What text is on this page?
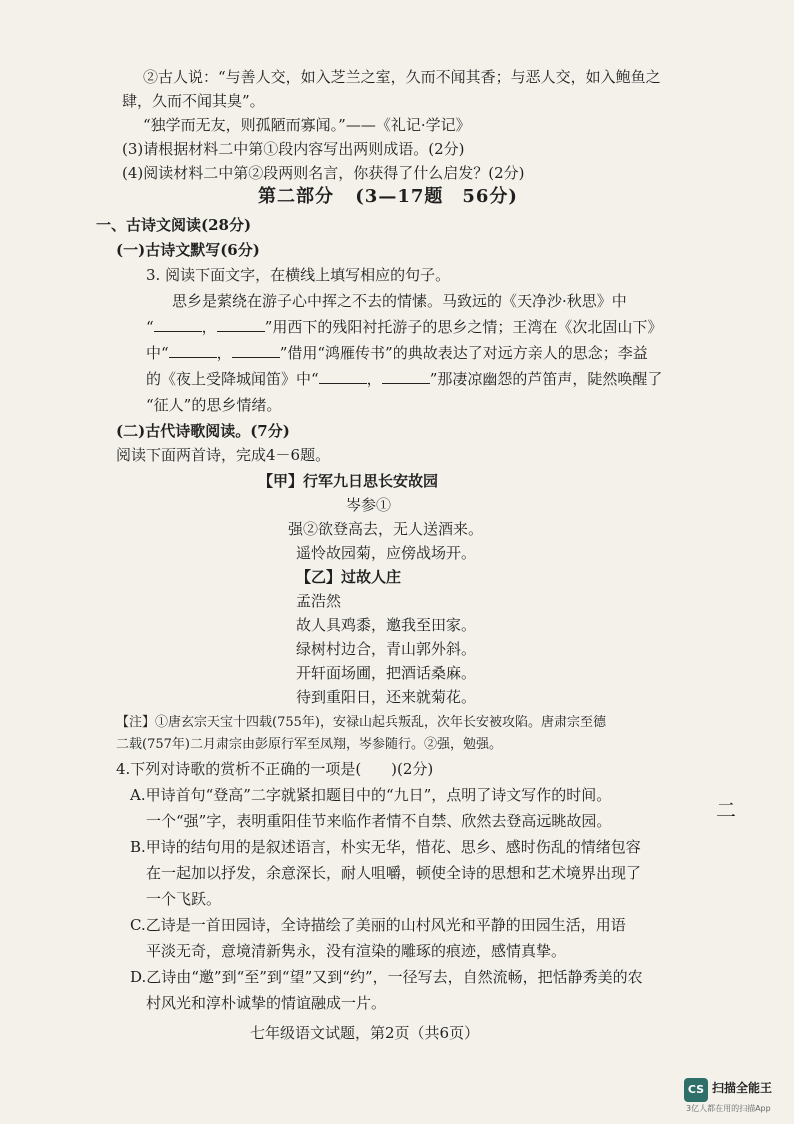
②古人说：“与善人交，如入芝兰之室，久而不闻其香；与恶人交，如入鲍鱼之
肆，久而不闻其臭”。
“独学而无友，则孤陋而寡闻。”——《礼记·学记》
(3)请根据材料二中第①段内容写出两则成语。(2分)
(4)阅读材料二中第②段两则名言，你获得了什么启发？(2分)
第二部分 (3—17题　56分)
一、古诗文阅读(28分)
(一)古诗文默写(6分)
3. 阅读下面文字，在横线上填写相应的句子。
思乡是萦绕在游子心中挥之不去的情愫。马致远的《天净沙·秋思》中
“	，	”用西下的残阳衬托游子的思乡之情；王湾在《次北固山下》
中“	，	”借用“鸿雁传书”的典故表达了对远方亲人的思念；李益
的《夜上受降城闻笛》中“	，	”那凄凉幽怨的芦笛声，陡然唤醒了
“征人”的思乡情绪。
(二)古代诗歌阅读。(7分)
阅读下面两首诗，完成4－6题。
【甲】行军九日思长安故园
岑参①
强②欲登高去，无人送酒来。
遥怜故园菊，应傍战场开。
【乙】过故人庄
孟浩然
故人具鸡黍，邀我至田家。
绿树村边合，青山郭外斜。
开轩面场圃，把酒话桑麻。
待到重阳日，还来就菊花。
【注】①唐玄宗天宝十四载(755年)，安禄山起兵叛乱，次年长安被攻陷。唐肃宗至德
二载(757年)二月肃宗由彭原行军至凤翔，岑参随行。②强，勉强。
4.下列对诗歌的赏析不正确的一项是(　　)(2分)
A.甲诗首句“登高”二字就紧扣题目中的“九日”，点明了诗文写作的时间。
一个“强”字，表明重阳佳节来临作者情不自禁、欣然去登高远眺故园。
B.甲诗的结句用的是叙述语言，朴实无华，惜花、思乡、感时伤乱的情绪包容
在一起加以抒发，余意深长，耐人咀嚼，顿使全诗的思想和艺术境界出现了
一个飞跃。
C.乙诗是一首田园诗，全诗描绘了美丽的山村风光和平静的田园生活，用语
平淡无奇，意境清新隽永，没有渲染的雕琢的痕迹，感情真挚。
D.乙诗由“邀”到“至”到“望”又到“约”，一径写去，自然流畅，把恬静秀美的农
村风光和淳朴诚挚的情谊融成一片。
七年级语文试题，第2页（共6页）
二
CS 扫描全能王
3亿人都在用的扫描App
